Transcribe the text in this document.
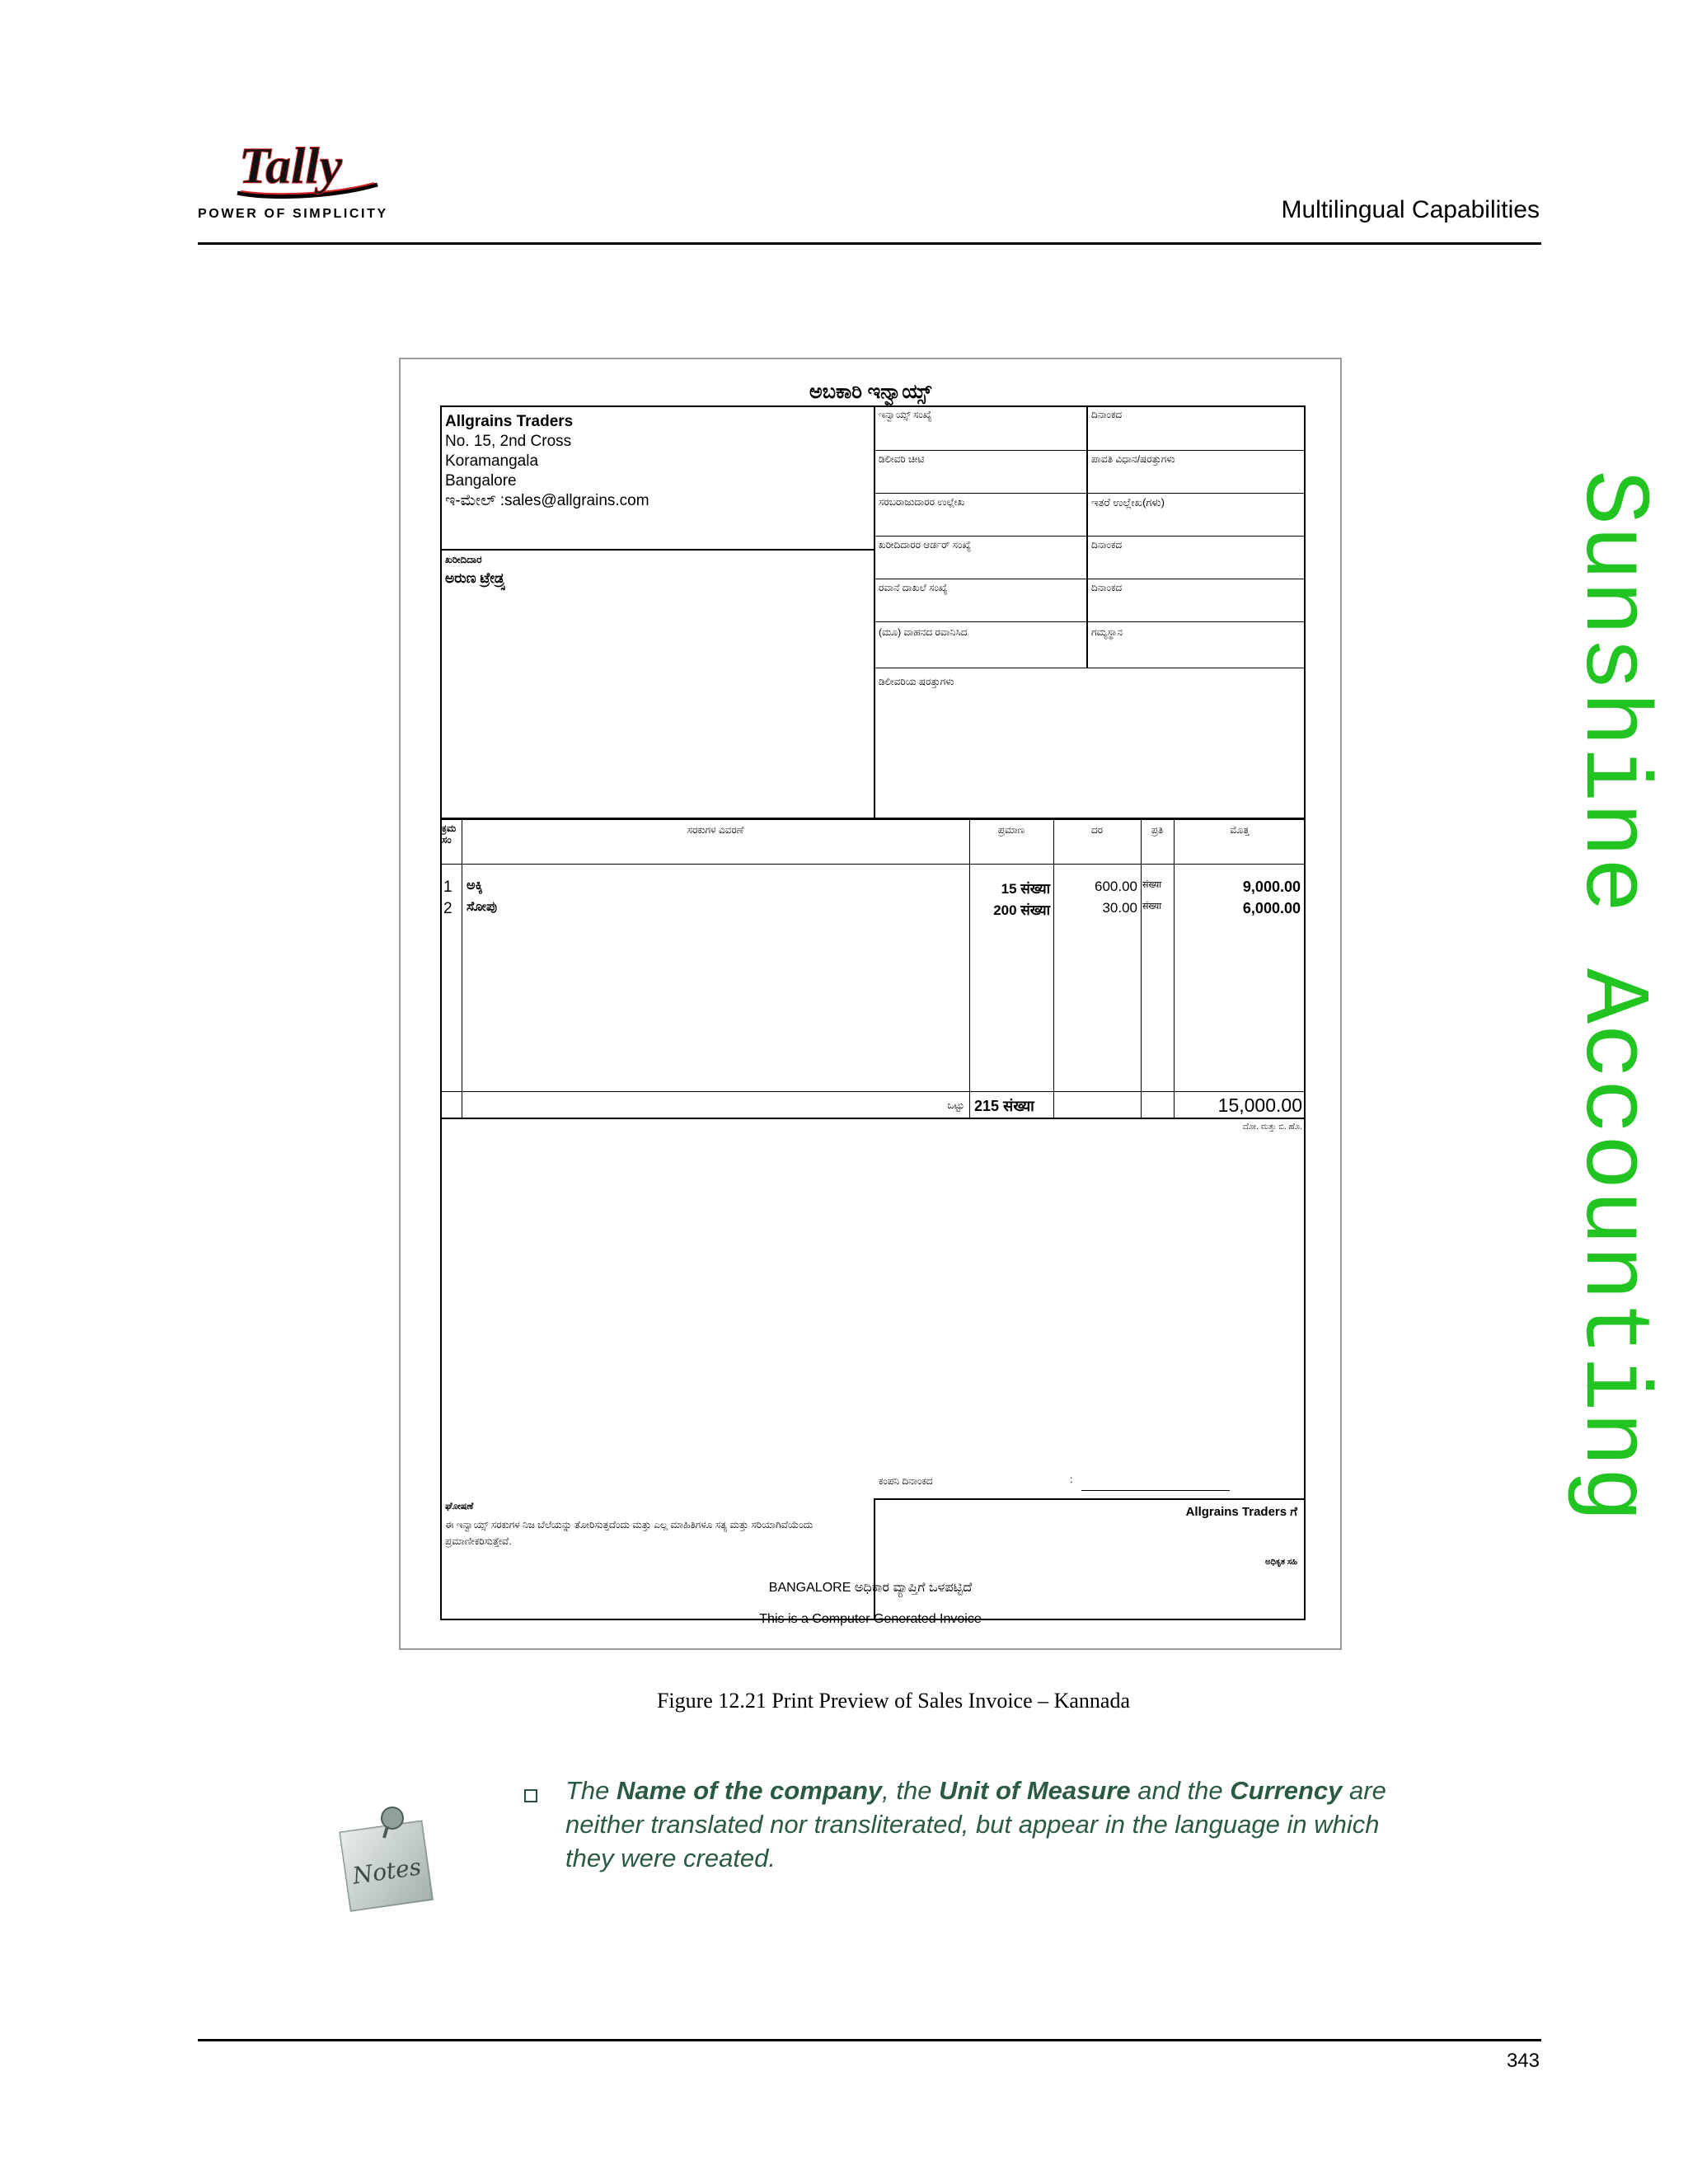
Tally
POWER OF SIMPLICITY	Multilingual Capabilities
Sunshine Accounting
ಅಬಕಾರಿ ಇನ್ವಾಯ್ಸ್
Allgrains Traders
No. 15, 2nd Cross
Koramangala
Bangalore
ಇ-ಮೇಲ್ :sales@allgrains.com
ಖರೀದಿದಾರ
ಅರುಣ ಟ್ರೇಡ್ರ್ಸ
ಇನ್ವಾಯ್ಸ್ ಸಂಖ್ಯೆ	ದಿನಾಂಕದ
ಡಿಲೀವರಿ ಚೀಟಿ	ಪಾವತಿ ವಿಧಾನ/ಷರತ್ತುಗಳು
ಸರಬರಾಜುದಾರರ ಉಲ್ಲೇಖ	ಇತರೆ ಉಲ್ಲೇಖ(ಗಳು)
ಖರೀದಿದಾರರ ಆರ್ಡರ್ ಸಂಖ್ಯೆ	ದಿನಾಂಕದ
ರವಾನೆ ದಾಖಲೆ ಸಂಖ್ಯೆ	ದಿನಾಂಕದ
(ಮೂ) ವಾಹನದ ರವಾನಿಸಿದ	ಗಮ್ಯಸ್ಥಾನ
ಡಿಲೀವರಿಯ ಷರತ್ತುಗಳು
ಕ್ರಮ ಸಂ
ಸರಕುಗಳ ವಿವರಣೆ	ಪ್ರಮಾಣ	ದರ	ಪ್ರತಿ	ಮೊತ್ತ
1 ಅಕ್ಕಿ	15 संख्या	600.00 संख्या	9,000.00
2 ಸೋಪು	200 संख्या	30.00 संख्या	6,000.00
ಒಟ್ಟು 215 संख्या	15,000.00
ದೋ. ಮತ್ತು ಬಿ. ಹೊ.
ಕಂಪನಿ ದಿನಾಂಕದ	:
ಘೋಷಣೆ
ಈ ಇನ್ವಾಯ್ಸ್ ಸರಕುಗಳ ನಿಜ ಬೆಲೆಯನ್ನು ತೋರಿಸುತ್ತದೆಂದು ಮತ್ತು ಎಲ್ಲ ಮಾಹಿತಿಗಳೂ ಸತ್ಯ ಮತ್ತು ಸರಿಯಾಗಿವೆಯೆಂದು ಪ್ರಮಾಣೀಕರಿಸುತ್ತೇವೆ.
Allgrains Traders ಗೆ
ಅಧಿಕೃತ ಸಹಿ
BANGALORE ಅಧಿಕಾರ ವ್ಯಾಪ್ತಿಗೆ ಒಳಪಟ್ಟಿದೆ
This is a Computer Generated Invoice
Figure 12.21 Print Preview of Sales Invoice – Kannada
Notes
The Name of the company, the Unit of Measure and the Currency are neither translated nor transliterated, but appear in the language in which they were created.
343
